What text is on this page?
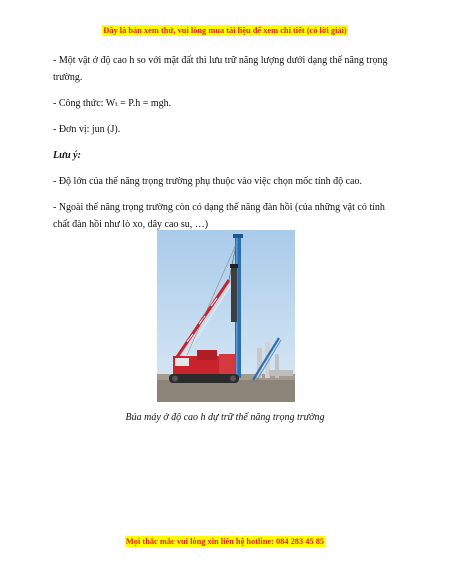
Đây là bản xem thử, vui lòng mua tài liệu để xem chi tiết (có lời giải)

- Một vật ở độ cao h so với mặt đất thì lưu trữ năng lượng dưới dạng thế năng trọng trường.

- Công thức: Wₜ = P.h = mgh.

- Đơn vị: jun (J).

Lưu ý:

- Độ lớn của thế năng trọng trường phụ thuộc vào việc chọn mốc tính độ cao.

- Ngoài thế năng trọng trường còn có dạng thế năng đàn hồi (của những vật có tính chất đàn hồi như lò xo, dây cao su, …)

Búa máy ở độ cao h dự trữ thế năng trọng trường
Mọi thắc mắc vui lòng xin liên hệ hotline: 084 283 45 85
